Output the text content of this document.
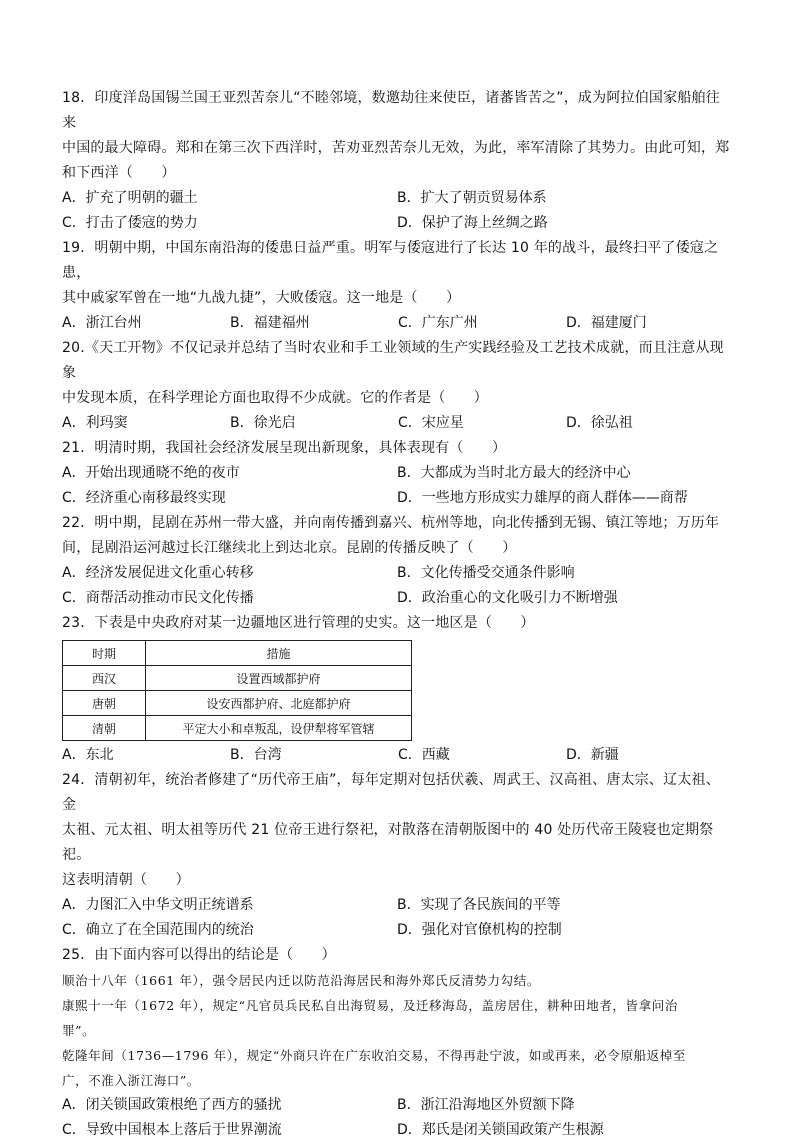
18．印度洋岛国锡兰国王亚烈苦奈儿“不睦邻境，数邀劫往来使臣，诸蕃皆苦之”，成为阿拉伯国家船舶往来

中国的最大障碍。郑和在第三次下西洋时，苦劝亚烈苦奈儿无效，为此，率军清除了其势力。由此可知，郑

和下西洋（　　）

A．扩充了明朝的疆土	B．扩大了朝贡贸易体系
C．打击了倭寇的势力	D．保护了海上丝绸之路

19．明朝中期，中国东南沿海的倭患日益严重。明军与倭寇进行了长达 10 年的战斗，最终扫平了倭寇之患，

其中戚家军曾在一地“九战九捷”，大败倭寇。这一地是（　　）

A．浙江台州	B．福建福州	C．广东广州	D．福建厦门

20.《天工开物》不仅记录并总结了当时农业和手工业领域的生产实践经验及工艺技术成就，而且注意从现象

中发现本质，在科学理论方面也取得不少成就。它的作者是（　　）

A．利玛窦	B．徐光启	C．宋应星	D．徐弘祖

21．明清时期，我国社会经济发展呈现出新现象，具体表现有（　　）

A．开始出现通晓不绝的夜市	B．大都成为当时北方最大的经济中心
C．经济重心南移最终实现	D．一些地方形成实力雄厚的商人群体——商帮

22．明中期，昆剧在苏州一带大盛，并向南传播到嘉兴、杭州等地，向北传播到无锡、镇江等地；万历年

间，昆剧沿运河越过长江继续北上到达北京。昆剧的传播反映了（　　）

A．经济发展促进文化重心转移	B．文化传播受交通条件影响
C．商帮活动推动市民文化传播	D．政治重心的文化吸引力不断增强

23．下表是中央政府对某一边疆地区进行管理的史实。这一地区是（　　）

时期	措施
西汉	设置西域都护府
唐朝	设安西都护府、北庭都护府
清朝	平定大小和卓叛乱，设伊犁将军管辖
A．东北	B．台湾	C．西藏	D．新疆

24．清朝初年，统治者修建了“历代帝王庙”，每年定期对包括伏羲、周武王、汉高祖、唐太宗、辽太祖、金

太祖、元太祖、明太祖等历代 21 位帝王进行祭祀，对散落在清朝版图中的 40 处历代帝王陵寝也定期祭祀。

这表明清朝（　　）

A．力图汇入中华文明正统谱系	B．实现了各民族间的平等
C．确立了在全国范围内的统治	D．强化对官僚机构的控制

25．由下面内容可以得出的结论是（　　）

顺治十八年（1661 年），强令居民内迁以防范沿海居民和海外郑氏反清势力勾结。

康熙十一年（1672 年），规定“凡官员兵民私自出海贸易，及迁移海岛，盖房居住，耕种田地者，皆拿问治

罪”。

乾隆年间（1736—1796 年），规定“外商只许在广东收泊交易，不得再赴宁波，如或再来，必令原船返棹至

广，不准入浙江海口”。

A．闭关锁国政策根绝了西方的骚扰	B．浙江沿海地区外贸额下降
C．导致中国根本上落后于世界潮流	D．郑氏是闭关锁国政策产生根源
